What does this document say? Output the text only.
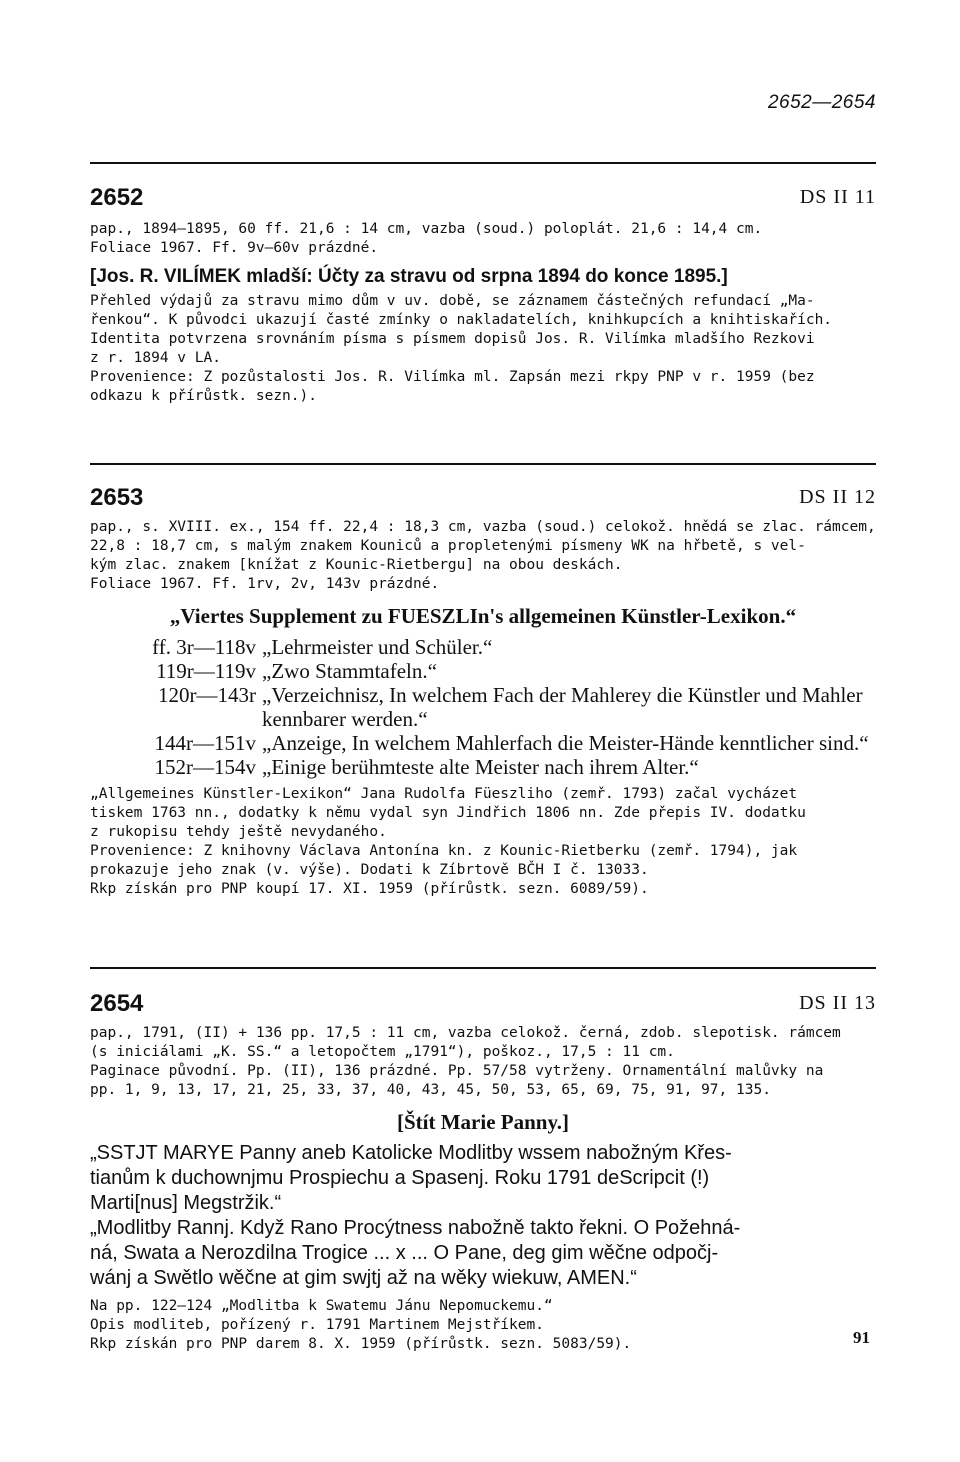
2652—2654
2652	DS II 11

pap., 1894—1895, 60 ff. 21,6 : 14 cm, vazba (soud.) poloplát. 21,6 : 14,4 cm.

Foliace 1967. Ff. 9v—60v prázdné.

[Jos. R. VILÍMEK mladší: Účty za stravu od srpna 1894 do konce 1895.]

Přehled výdajů za stravu mimo dům v uv. době, se záznamem částečných refundací „Ma-

řenkou“. K původci ukazují časté zmínky o nakladatelích, knihkupcích a knihtiskařích.

Identita potvrzena srovnáním písma s písmem dopisů Jos. R. Vilímka mladšího Rezkovi

z r. 1894 v LA.

Provenience: Z pozůstalosti Jos. R. Vilímka ml. Zapsán mezi rkpy PNP v r. 1959 (bez

odkazu k přírůstk. sezn.).

2653	DS II 12

pap., s. XVIII. ex., 154 ff. 22,4 : 18,3 cm, vazba (soud.) celokož. hnědá se zlac. rámcem,

22,8 : 18,7 cm, s malým znakem Kouniců a propletenými písmeny WK na hřbetě, s vel-

kým zlac. znakem [knížat z Kounic-Rietbergu] na obou deskách.

Foliace 1967. Ff. 1rv, 2v, 143v prázdné.

„Viertes Supplement zu FUESZLIn's allgemeinen Künstler-Lexikon.“
ff. 3r—118v „Lehrmeister und Schüler.“
119r—119v „Zwo Stammtafeln.“
120r—143r „Verzeichnisz, In welchem Fach der Mahlerey die Künstler und Mahler kennbarer werden.“
144r—151v „Anzeige, In welchem Mahlerfach die Meister-Hände kenntlicher sind.“
152r—154v „Einige berühmteste alte Meister nach ihrem Alter.“

„Allgemeines Künstler-Lexikon“ Jana Rudolfa Füeszliho (zemř. 1793) začal vycházet

tiskem 1763 nn., dodatky k němu vydal syn Jindřich 1806 nn. Zde přepis IV. dodatku

z rukopisu tehdy ještě nevydaného.

Provenience: Z knihovny Václava Antonína kn. z Kounic-Rietberku (zemř. 1794), jak

prokazuje jeho znak (v. výše). Dodati k Zíbrtově BČH I č. 13033.

Rkp získán pro PNP koupí 17. XI. 1959 (přírůstk. sezn. 6089/59).

2654	DS II 13

pap., 1791, (II) + 136 pp. 17,5 : 11 cm, vazba celokož. černá, zdob. slepotisk. rámcem

(s iniciálami „K. SS.“ a letopočtem „1791“), poškoz., 17,5 : 11 cm.

Paginace původní. Pp. (II), 136 prázdné. Pp. 57/58 vytrženy. Ornamentální malůvky na

pp. 1, 9, 13, 17, 21, 25, 33, 37, 40, 43, 45, 50, 53, 65, 69, 75, 91, 97, 135.

[Štít Marie Panny.]
„SSTJT MARYE Panny aneb Katolicke Modlitby wssem nabožným Křes-
tianům k duchownjmu Prospiechu a Spasenj. Roku 1791 deScripcit (!)
Marti[nus] Megstržik.“
„Modlitby Rannj. Když Rano Procýtness nabožně takto řekni. O Požehná-
ná, Swata a Nerozdilna Trogice ... x ... O Pane, deg gim wěčne odpočj-
wánj a Swětlo wěčne at gim swjtj až na wěky wiekuw, AMEN.“

Na pp. 122—124 „Modlitba k Swatemu Jánu Nepomuckemu.“

Opis modliteb, pořízený r. 1791 Martinem Mejstříkem.

Rkp získán pro PNP darem 8. X. 1959 (přírůstk. sezn. 5083/59).	91
